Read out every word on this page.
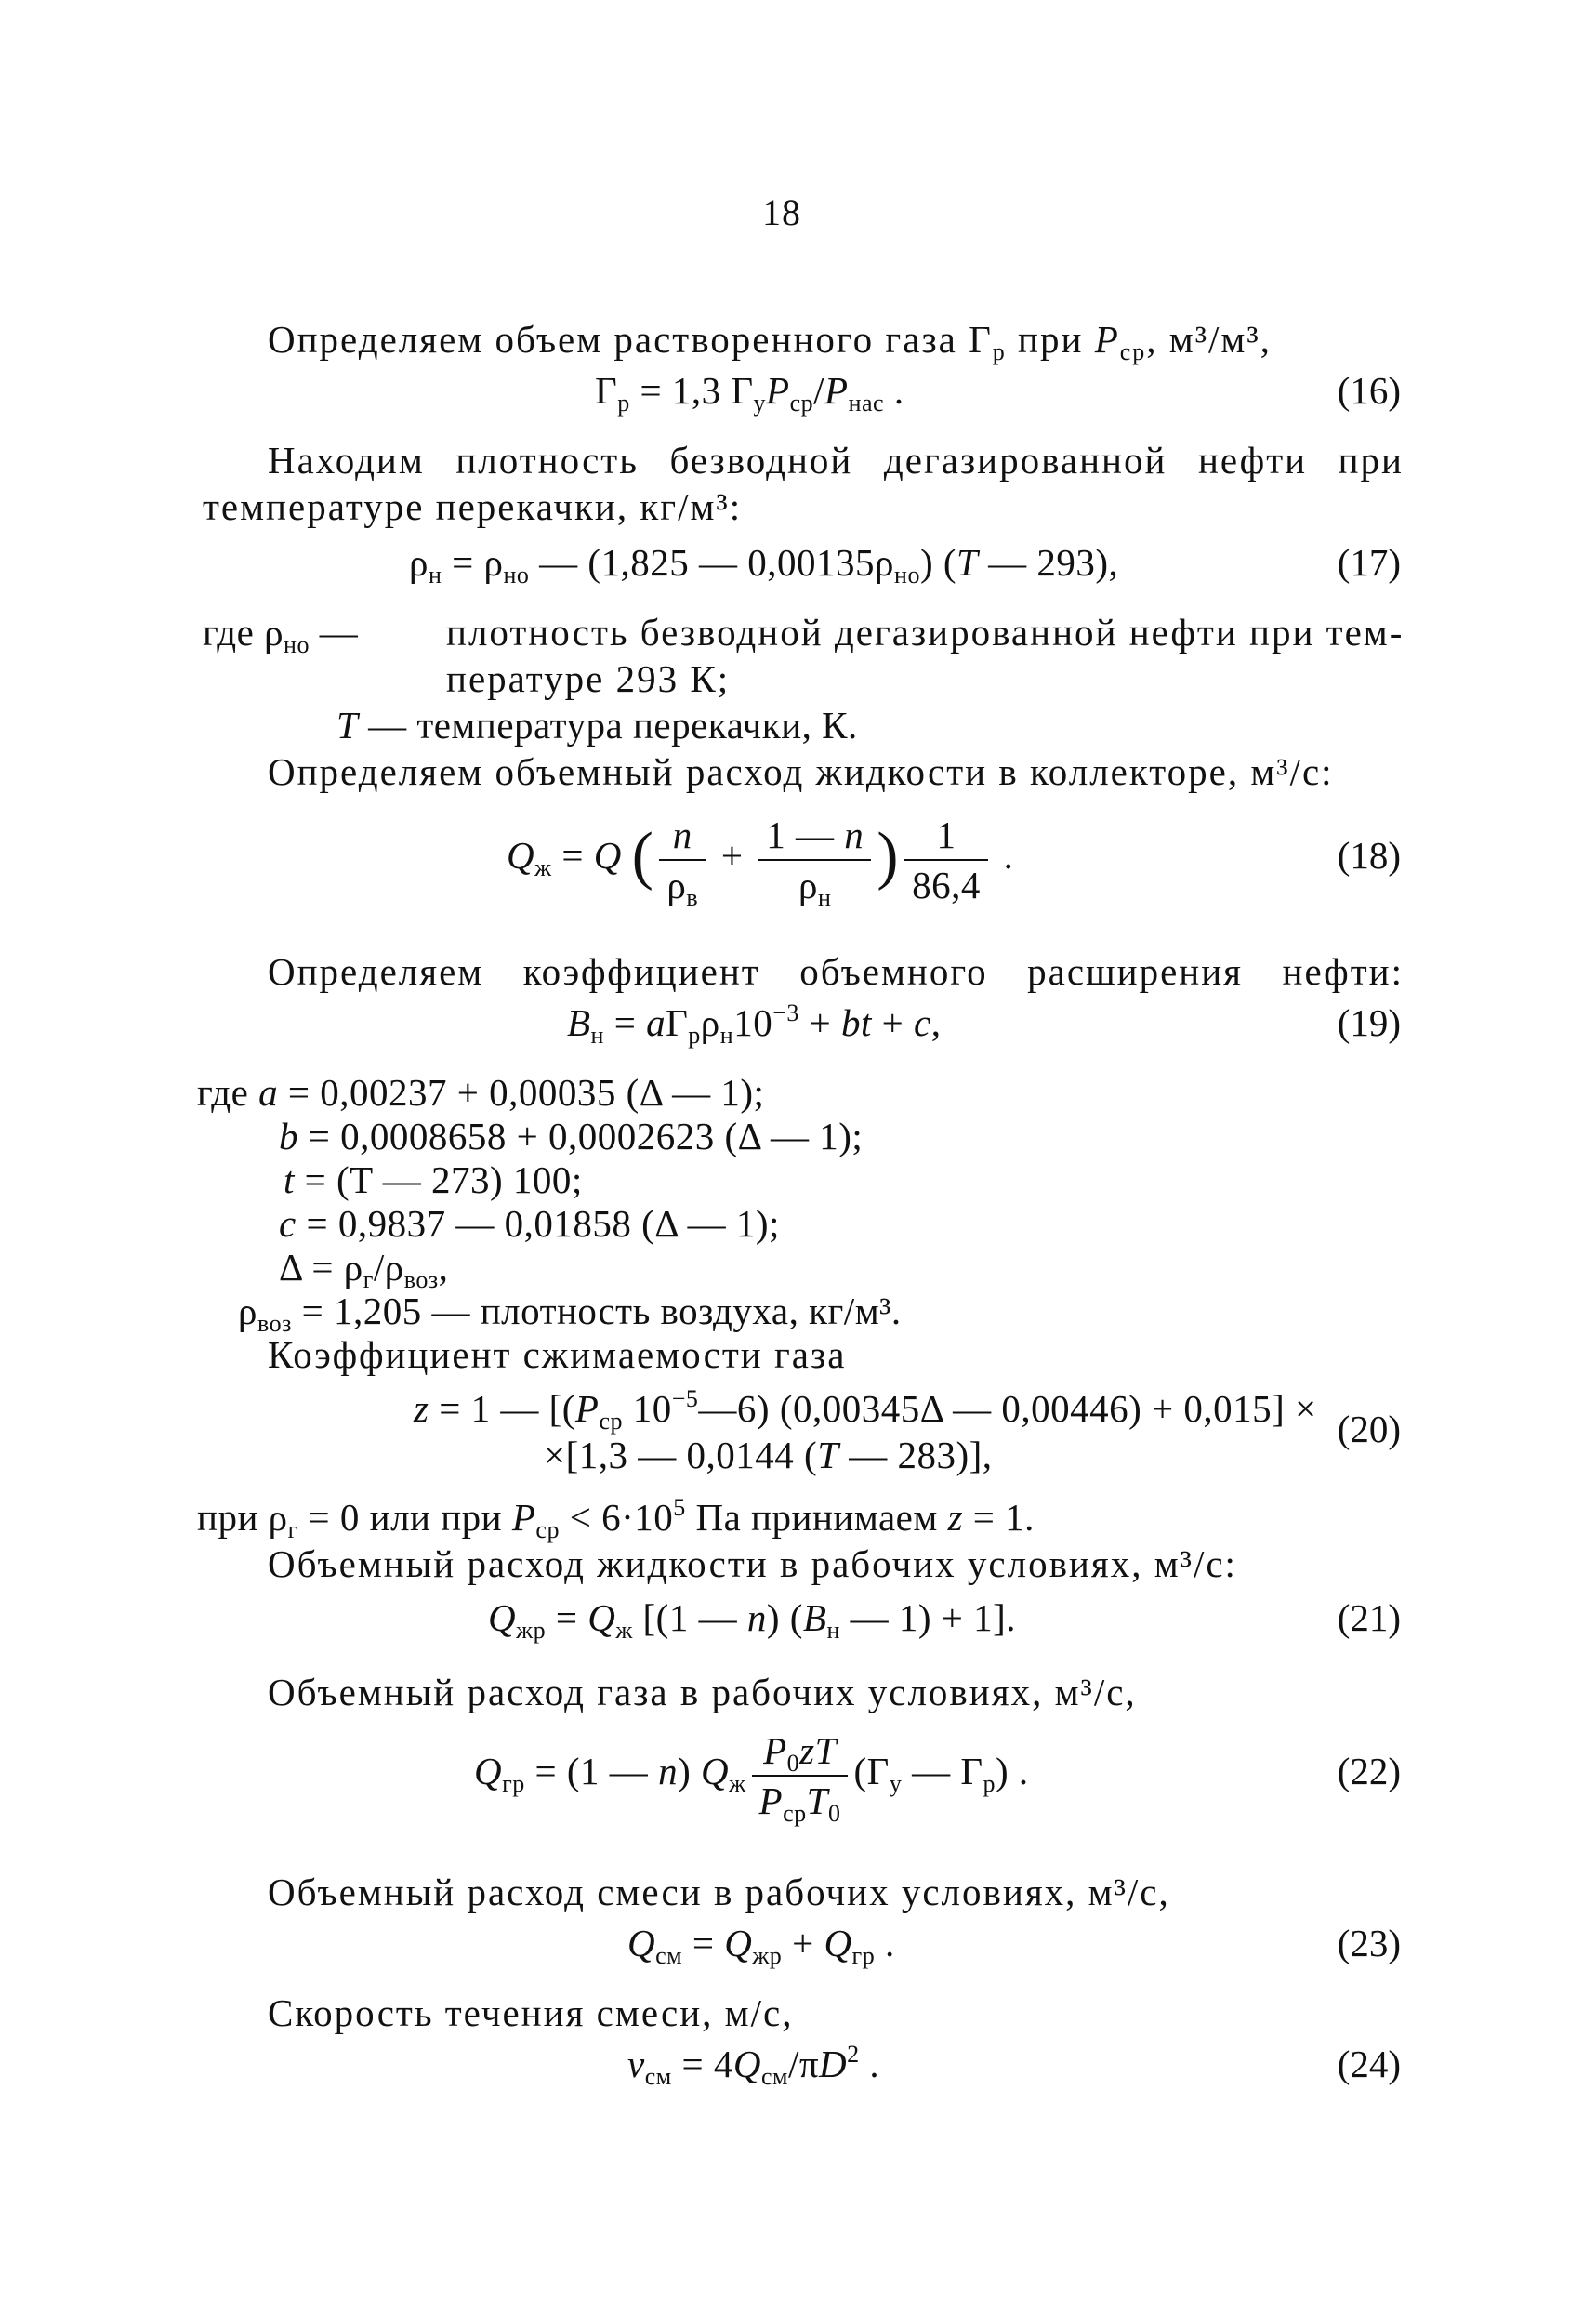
18
Определяем объем растворенного газа $Г_р$ при $P_{ср}$, м³/м³,
$Г_р = 1,3$ $Г_уP_{ср}/P_{нас}$ .	(16)
Находим плотность безводной дегазированной нефти при
температуре перекачки, кг/м³:
$\rho_н = \rho_{но}$ — (1,825 — $0,00135\rho_{но}$) (T — 293),	(17)
где $\rho_{но}$ — плотность безводной дегазированной нефти при тем-
пературе 293 К;
T — температура перекачки, К.
Определяем объемный расход жидкости в коллекторе, м³/с:
$Q_ж = Q$ ( $\frac{n}{\rho_в} + \frac{1 — n}{\rho_н}$ ) $\frac{1}{86,4}$ .	(18)
Определяем коэффициент объемного расширения нефти:
$B_н = aГ_р\rho_н10^{-3}$ + bt + c,	(19)
где a = 0,00237 + 0,00035 (Δ — 1);
b = 0,0008658 + 0,0002623 (Δ — 1);
t = (T — 273) 100;
c = 0,9837 — 0,01858 (Δ — 1);
$\Delta = \rho_г/\rho_{воз}$,
$\rho_{воз} = 1,205$ — плотность воздуха, кг/м³.
Коэффициент сжимаемости газа
z = 1 — [($P_{ср}$ $10^{-5}—6$) (0,00345Δ — 0,00446) + 0,015] ×
×[1,3 — 0,0144 (T — 283)],
(20)
при $\rho_г = 0$ или при $P_{ср} < 6\cdot 10^5$ Па принимаем z = 1.
Объемный расход жидкости в рабочих условиях, м³/с:
$Q_{жр} = Q_ж$ [(1 — n) ($B_н$ — 1) + 1].	(21)
Объемный расход газа в рабочих условиях, м³/с,
$Q_{гр} = (1$ — n) $Q_ж \frac{P_0zT}{P_{ср}T_0} (Г_у$ — $Г_р$) .	(22)
Объемный расход смеси в рабочих условиях, м³/с,
$Q_{см} = Q_{жр} + Q_{гр}$ .	(23)
Скорость течения смеси, м/с,
$v_{см} = 4Q_{см}/\pi D^2$ .	(24)
